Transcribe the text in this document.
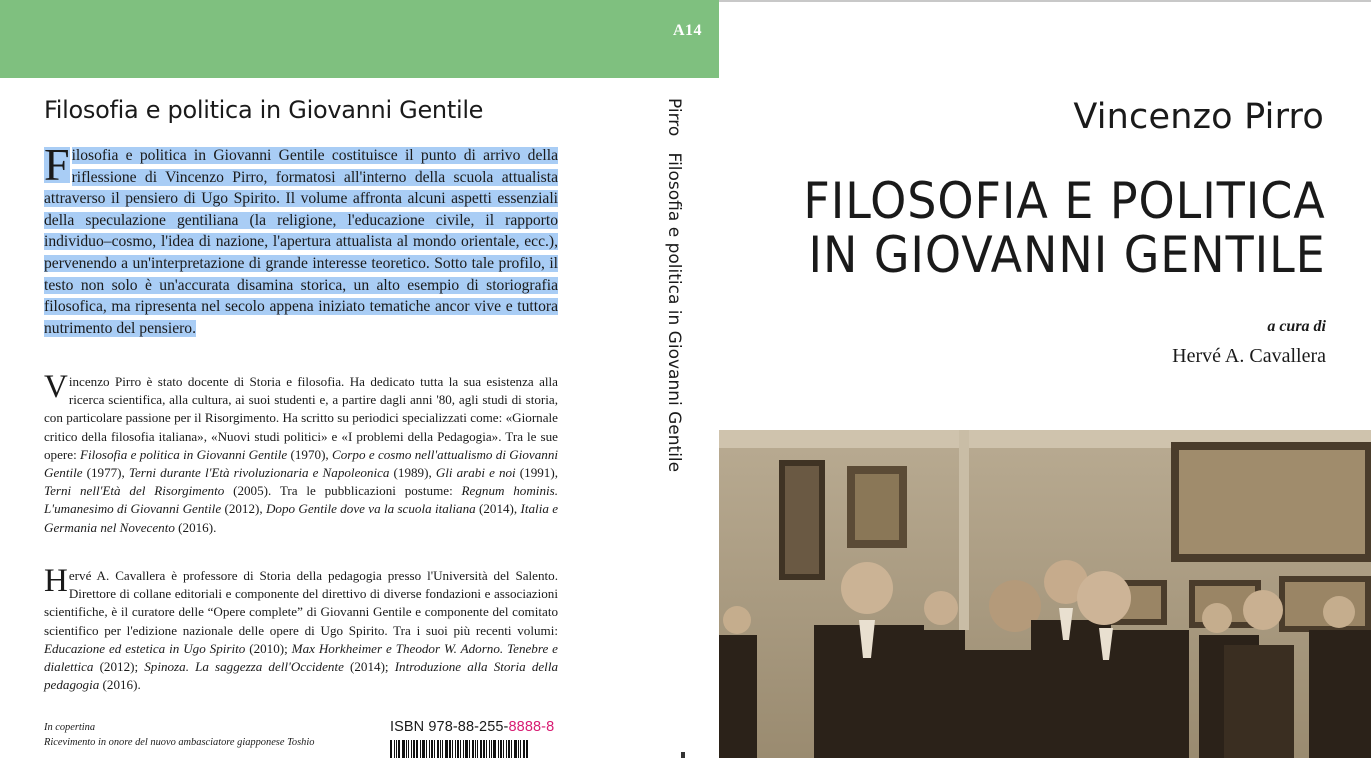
A14
Filosofia e politica in Giovanni Gentile
F ilosofia e politica in Giovanni Gentile costituisce il punto di arrivo della riflessione di Vincenzo Pirro, formatosi all'interno della scuola attualista attraverso il pensiero di Ugo Spirito. Il volume affronta alcuni aspetti essenziali della speculazione gentiliana (la religione, l'educazione civile, il rapporto individuo–cosmo, l'idea di nazione, l'apertura attualista al mondo orientale, ecc.), pervenendo a un'interpretazione di grande interesse teoretico. Sotto tale profilo, il testo non solo è un'accurata disamina storica, un alto esempio di storiografia filosofica, ma ripresenta nel secolo appena iniziato tematiche ancor vive e tuttora nutrimento del pensiero.
Vincenzo Pirro è stato docente di Storia e filosofia. Ha dedicato tutta la sua esistenza alla ricerca scientifica, alla cultura, ai suoi studenti e, a partire dagli anni '80, agli studi di storia, con particolare passione per il Risorgimento. Ha scritto su periodici specializzati come: «Giornale critico della filosofia italiana», «Nuovi studi politici» e «I problemi della Pedagogia». Tra le sue opere: Filosofia e politica in Giovanni Gentile (1970), Corpo e cosmo nell'attualismo di Giovanni Gentile (1977), Terni durante l'Età rivoluzionaria e Napoleonica (1989), Gli arabi e noi (1991), Terni nell'Età del Risorgimento (2005). Tra le pubblicazioni postume: Regnum hominis. L'umanesimo di Giovanni Gentile (2012), Dopo Gentile dove va la scuola italiana (2014), Italia e Germania nel Novecento (2016).
Hervé A. Cavallera è professore di Storia della pedagogia presso l'Università del Salento. Direttore di collane editoriali e componente del direttivo di diverse fondazioni e associazioni scientifiche, è il curatore delle “Opere complete” di Giovanni Gentile e componente del comitato scientifico per l'edizione nazionale delle opere di Ugo Spirito. Tra i suoi più recenti volumi: Educazione ed estetica in Ugo Spirito (2010); Max Horkheimer e Theodor W. Adorno. Tenebre e dialettica (2012); Spinoza. La saggezza dell'Occidente (2014); Introduzione alla Storia della pedagogia (2016).
In copertina
Ricevimento in onore del nuovo ambasciatore giapponese Toshio
ISBN 978-88-255-8888-8
Pirro   Filosofia e politica in Giovanni Gentile
Vincenzo Pirro
FILOSOFIA E POLITICA
IN GIOVANNI GENTILE
a cura di
Hervé A. Cavallera
